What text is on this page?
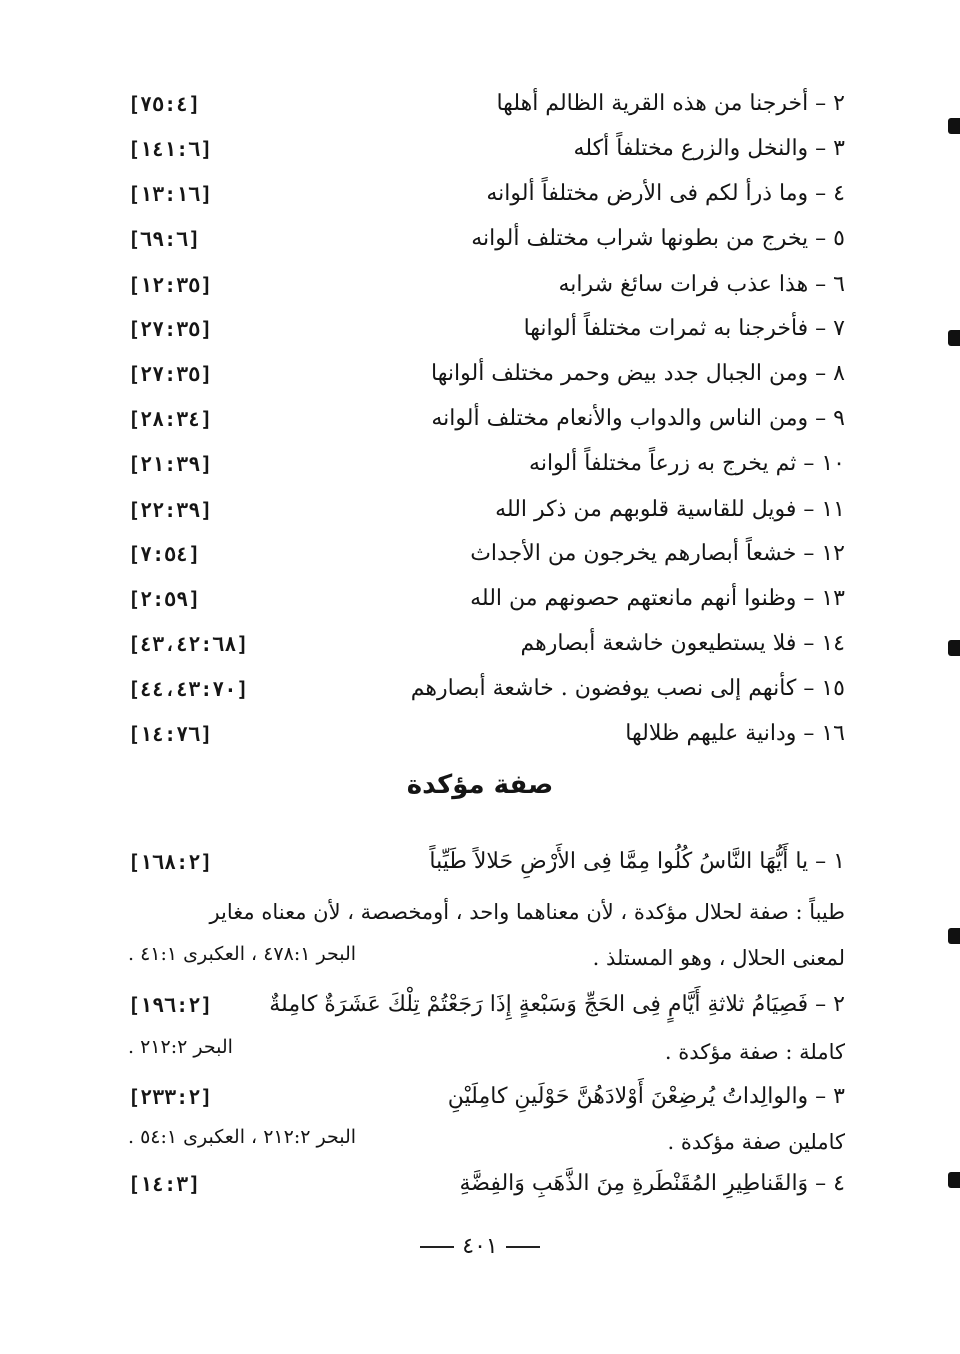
٢ – أخرجنا من هذه القرية الظالم أهلها
[٧٥:٤]
٣ – والنخل والزرع مختلفاً أكله
[١٤١:٦]
٤ – وما ذرأ لكم فى الأرض مختلفاً ألوانه
[١٣:١٦]
٥ – يخرج من بطونها شراب مختلف ألوانه
[٦٩:٦]
٦ – هذا عذب فرات سائغ شرابه
[١٢:٣٥]
٧ – فأخرجنا به ثمرات مختلفاً ألوانها
[٢٧:٣٥]
٨ – ومن الجبال جدد بيض وحمر مختلف ألوانها
[٢٧:٣٥]
٩ – ومن الناس والدواب والأنعام مختلف ألوانه
[٢٨:٣٤]
١٠ – ثم يخرج به زرعاً مختلفاً ألوانه
[٢١:٣٩]
١١ – فويل للقاسية قلوبهم من ذكر الله
[٢٢:٣٩]
١٢ – خشعاً أبصارهم يخرجون من الأجداث
[٧:٥٤]
١٣ – وظنوا أنهم مانعتهم حصونهم من الله
[٢:٥٩]
١٤ – فلا يستطيعون خاشعة أبصارهم
[٤٣،٤٢:٦٨]
١٥ – كأنهم إلى نصب يوفضون . خاشعة أبصارهم
[٤٤،٤٣:٧٠]
١٦ – ودانية عليهم ظلالها
[١٤:٧٦]
صفة مؤكدة
١ – يا أَيُّهَا النَّاسُ كُلُوا مِمَّا فِى الأَرْضِ حَلالاً طَيِّباً
[١٦٨:٢]
طيباً : صفة لحلال مؤكدة ، لأن معناهما واحد ، أومخصصة ، لأن معناه مغاير
لمعنى الحلال ، وهو المستلذ .
البحر ٤٧٨:١ ، العكبرى ٤١:١ .
٢ – فَصِيَامُ ثلاثةِ أَيَّامٍ فِى الحَجِّ وَسَبْعةٍ إِذَا رَجَعْتُمْ تِلْكَ عَشَرَةٌ كامِلةٌ
[١٩٦:٢]
كاملة : صفة مؤكدة .
البحر ٢١٢:٢ .
٣ – والوالِداتُ يُرضِعْنَ أَوْلادَهُنَّ حَوْلَينِ كامِلَيْنِ
[٢٣٣:٢]
كاملين صفة مؤكدة .
البحر ٢١٢:٢ ، العكبرى ٥٤:١ .
٤ – وَالقَناطِيرِ المُقَنْطَرةِ مِنَ الذَّهَبِ وَالفِضَّةِ
[١٤:٣]
٤٠١
